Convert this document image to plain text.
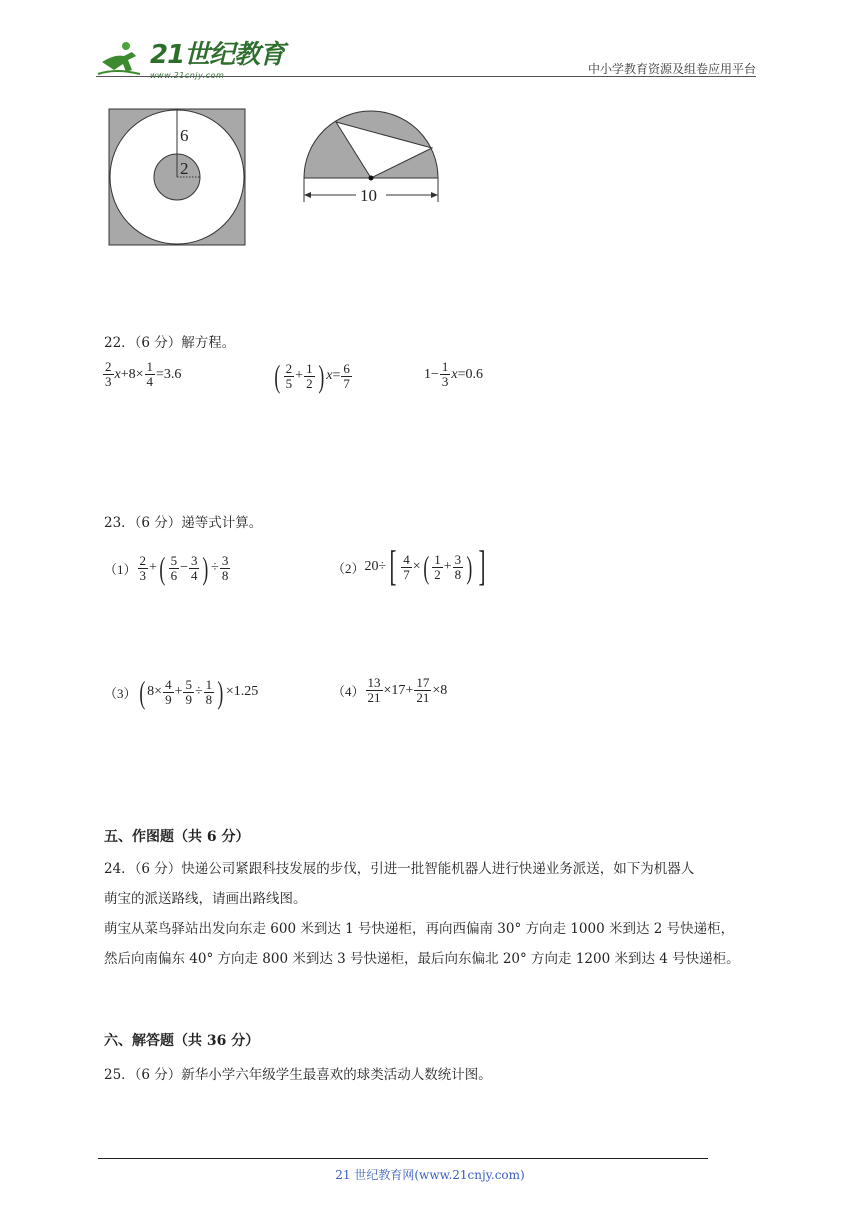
21世纪教育	中小学教育资源及组卷应用平台
6
2
10
22．（6 分）解方程。
$\frac{2}{3}$ $x +8\times \frac{1}{4} =3.6$	( $\frac{2}{5} + \frac{1}{2}$ ) $x = \frac{6}{7}$	$1- \frac{1}{3}$ x =0.6
23．（6 分）递等式计算。
$(1) \frac{2}{3}$ + ( $\frac{5}{6} - \frac{3}{4}$ ) ÷ $\frac{3}{8}$	（2） 20÷ [ $\frac{4}{7}$ × ( $\frac{1}{2} + \frac{3}{8}$ ) ]
（3） ( $8\times \frac{4}{9} + \frac{5}{9} \div \frac{1}{8}$ ) ×1.25	$(4) \frac{13}{21} \times 17+ \frac{17}{21} \times 8$
五、作图题（共 6 分）
24．（6 分）快递公司紧跟科技发展的步伐，引进一批智能机器人进行快递业务派送，如下为机器人
萌宝的派送路线，请画出路线图。
萌宝从菜鸟驿站出发向东走 600 米到达 1 号快递柜，再向西偏南 30° 方向走 1000 米到达 2 号快递柜，
然后向南偏东 40° 方向走 800 米到达 3 号快递柜，最后向东偏北 20° 方向走 1200 米到达 4 号快递柜。
六、解答题（共 36 分）
25．（6 分）新华小学六年级学生最喜欢的球类活动人数统计图。
21 世纪教育网(www.21cnjy.com)
